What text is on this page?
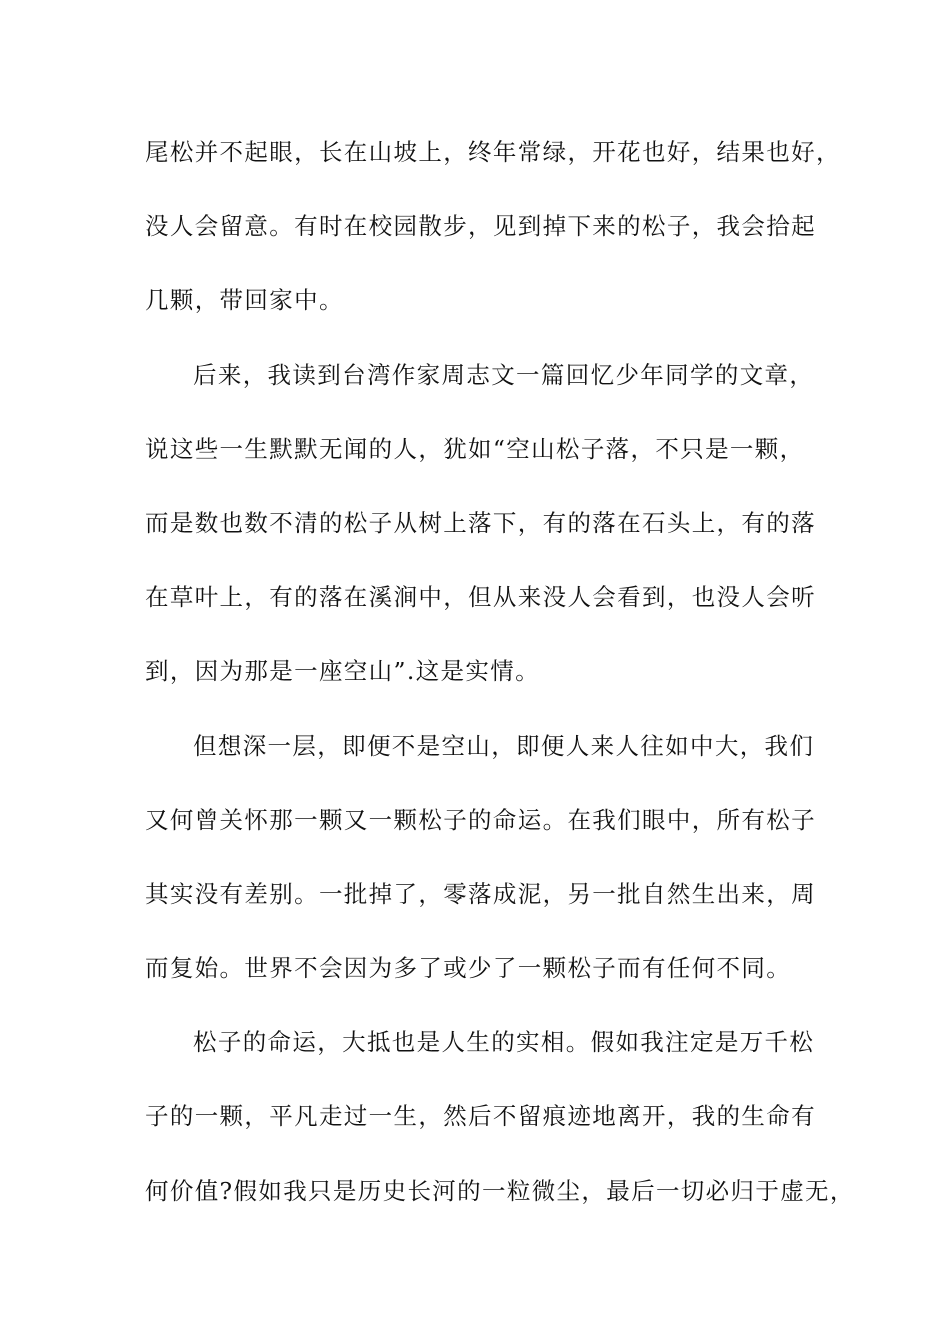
尾松并不起眼，长在山坡上，终年常绿，开花也好，结果也好，
没人会留意。有时在校园散步，见到掉下来的松子，我会拾起
几颗，带回家中。
后来，我读到台湾作家周志文一篇回忆少年同学的文章，
说这些一生默默无闻的人，犹如“空山松子落，不只是一颗，
而是数也数不清的松子从树上落下，有的落在石头上，有的落
在草叶上，有的落在溪涧中，但从来没人会看到，也没人会听
到，因为那是一座空山”.这是实情。
但想深一层，即便不是空山，即便人来人往如中大，我们
又何曾关怀那一颗又一颗松子的命运。在我们眼中，所有松子
其实没有差别。一批掉了，零落成泥，另一批自然生出来，周
而复始。世界不会因为多了或少了一颗松子而有任何不同。
松子的命运，大抵也是人生的实相。假如我注定是万千松
子的一颗，平凡走过一生，然后不留痕迹地离开，我的生命有
何价值?假如我只是历史长河的一粒微尘，最后一切必归于虚无，
